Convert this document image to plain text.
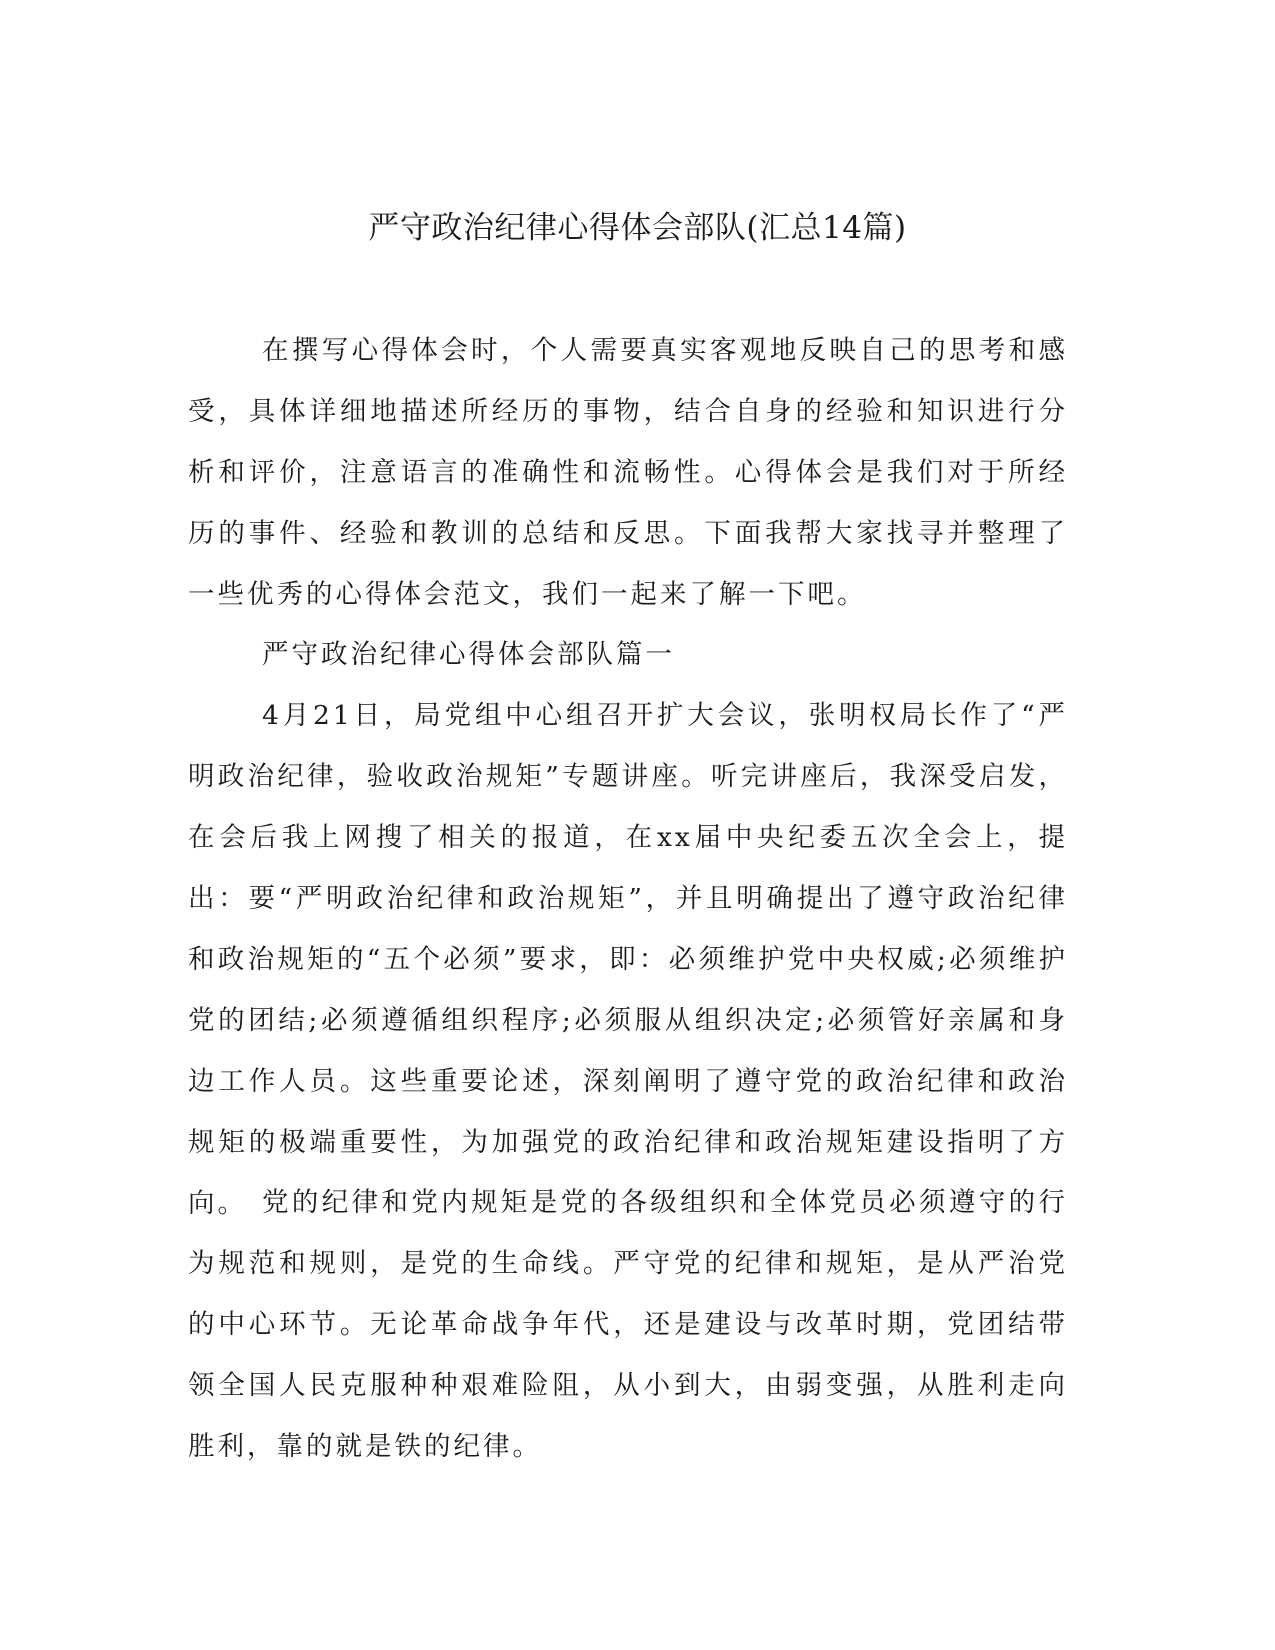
严守政治纪律心得体会部队(汇总14篇)

在撰写心得体会时，个人需要真实客观地反映自己的思考和感受，具体详细地描述所经历的事物，结合自身的经验和知识进行分析和评价，注意语言的准确性和流畅性。心得体会是我们对于所经历的事件、经验和教训的总结和反思。下面我帮大家找寻并整理了一些优秀的心得体会范文，我们一起来了解一下吧。

严守政治纪律心得体会部队篇一

4月21日，局党组中心组召开扩大会议，张明权局长作了“严明政治纪律，验收政治规矩”专题讲座。听完讲座后，我深受启发，在会后我上网搜了相关的报道，在xx届中央纪委五次全会上，提出：要“严明政治纪律和政治规矩”，并且明确提出了遵守政治纪律和政治规矩的“五个必须”要求，即：必须维护党中央权威;必须维护党的团结;必须遵循组织程序;必须服从组织决定;必须管好亲属和身边工作人员。这些重要论述，深刻阐明了遵守党的政治纪律和政治规矩的极端重要性，为加强党的政治纪律和政治规矩建设指明了方向。 党的纪律和党内规矩是党的各级组织和全体党员必须遵守的行为规范和规则，是党的生命线。严守党的纪律和规矩，是从严治党的中心环节。无论革命战争年代，还是建设与改革时期，党团结带领全国人民克服种种艰难险阻，从小到大，由弱变强，从胜利走向胜利，靠的就是铁的纪律。
